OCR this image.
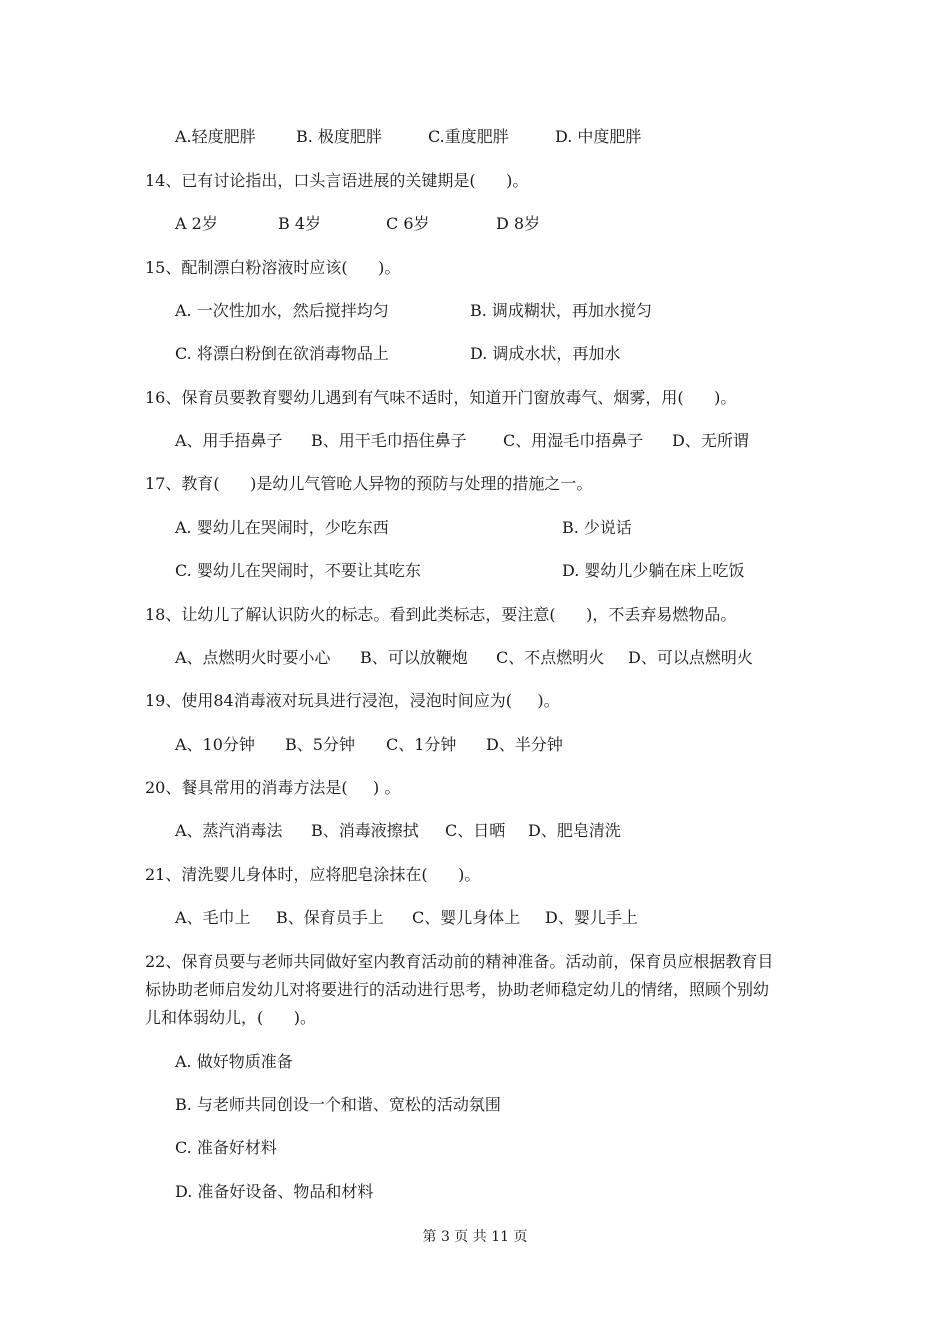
A.轻度肥胖	B. 极度肥胖	C.重度肥胖	D. 中度肥胖
14、已有讨论指出，口头言语进展的关键期是(      )。
A 2岁	B 4岁	C 6岁	D 8岁
15、配制漂白粉溶液时应该(      )。
A. 一次性加水，然后搅拌均匀	B. 调成糊状，再加水搅匀
C. 将漂白粉倒在欲消毒物品上	D. 调成水状，再加水
16、保育员要教育婴幼儿遇到有气味不适时，知道开门窗放毒气、烟雾，用(      )。
A、用手捂鼻子 B、用干毛巾捂住鼻子 C、用湿毛巾捂鼻子 D、无所谓
17、教育(      )是幼儿气管呛人异物的预防与处理的措施之一。
A. 婴幼儿在哭闹时，少吃东西	B. 少说话
C. 婴幼儿在哭闹时，不要让其吃东	D. 婴幼儿少躺在床上吃饭
18、让幼儿了解认识防火的标志。看到此类标志，要注意(      )，不丢弃易燃物品。
A、点燃明火时要小心 B、可以放鞭炮 C、不点燃明火 D、可以点燃明火
19、使用84消毒液对玩具进行浸泡，浸泡时间应为(     )。
A、10分钟 B、5分钟 C、1分钟 D、半分钟
20、餐具常用的消毒方法是(     ) 。
A、蒸汽消毒法 B、消毒液擦拭 C、日晒 D、肥皂清洗
21、清洗婴儿身体时，应将肥皂涂抹在(      )。
A、毛巾上 B、保育员手上 C、婴儿身体上 D、婴儿手上
22、保育员要与老师共同做好室内教育活动前的精神准备。活动前，保育员应根据教育目
标协助老师启发幼儿对将要进行的活动进行思考，协助老师稳定幼儿的情绪，照顾个别幼
儿和体弱幼儿，(      )。
A. 做好物质准备
B. 与老师共同创设一个和谐、宽松的活动氛围
C. 准备好材料
D. 准备好设备、物品和材料
第 3 页 共 11 页
